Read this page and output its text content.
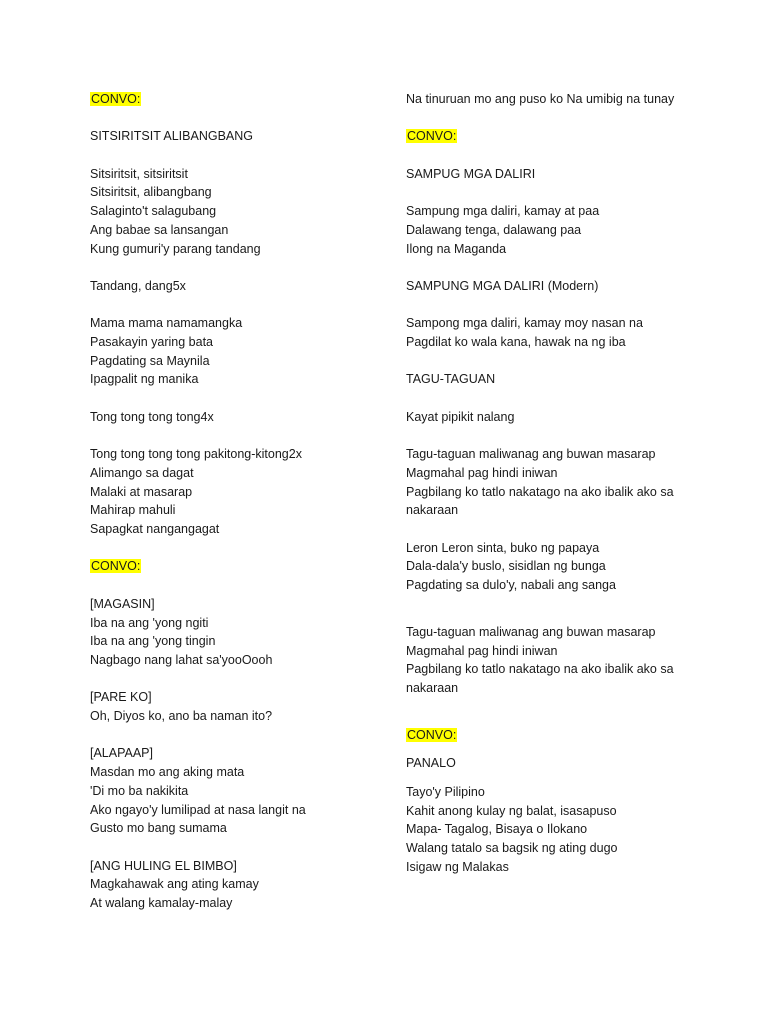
CONVO:
SITSIRITSIT ALIBANGBANG
Sitsiritsit, sitsiritsit
Sitsiritsit, alibangbang
Salaginto't salagubang
Ang babae sa lansangan
Kung gumuri'y parang tandang
Tandang, dang5x
Mama mama namamangka
Pasakayin yaring bata
Pagdating sa Maynila
Ipagpalit ng manika
Tong tong tong tong4x
Tong tong tong tong pakitong-kitong2x
Alimango sa dagat
Malaki at masarap
Mahirap mahuli
Sapagkat nangangagat
CONVO:
[MAGASIN]
Iba na ang 'yong ngiti
Iba na ang 'yong tingin
Nagbago nang lahat sa'yooOooh
[PARE KO]
Oh, Diyos ko, ano ba naman ito?
[ALAPAAP]
Masdan mo ang aking mata
'Di mo ba nakikita
Ako ngayo'y lumilipad at nasa langit na
Gusto mo bang sumama
[ANG HULING EL BIMBO]
Magkahawak ang ating kamay
At walang kamalay-malay
Na tinuruan mo ang puso ko Na umibig na tunay
CONVO:
SAMPUG MGA DALIRI
Sampung mga daliri, kamay at paa
Dalawang tenga, dalawang paa
Ilong na Maganda
SAMPUNG MGA DALIRI (Modern)
Sampong mga daliri, kamay moy nasan na
Pagdilat ko wala kana, hawak na ng iba
TAGU-TAGUAN
Kayat pipikit nalang
Tagu-taguan maliwanag ang buwan masarap
Magmahal pag hindi iniwan
Pagbilang ko tatlo nakatago na ako ibalik ako sa nakaraan
Leron Leron sinta, buko ng papaya
Dala-dala'y buslo, sisidlan ng bunga
Pagdating sa dulo'y, nabali ang sanga
Tagu-taguan maliwanag ang buwan masarap
Magmahal pag hindi iniwan
Pagbilang ko tatlo nakatago na ako ibalik ako sa nakaraan
CONVO:
PANALO
Tayo'y Pilipino
Kahit anong kulay ng balat, isasapuso
Mapa- Tagalog, Bisaya o Ilokano
Walang tatalo sa bagsik ng ating dugo
Isigaw ng Malakas
